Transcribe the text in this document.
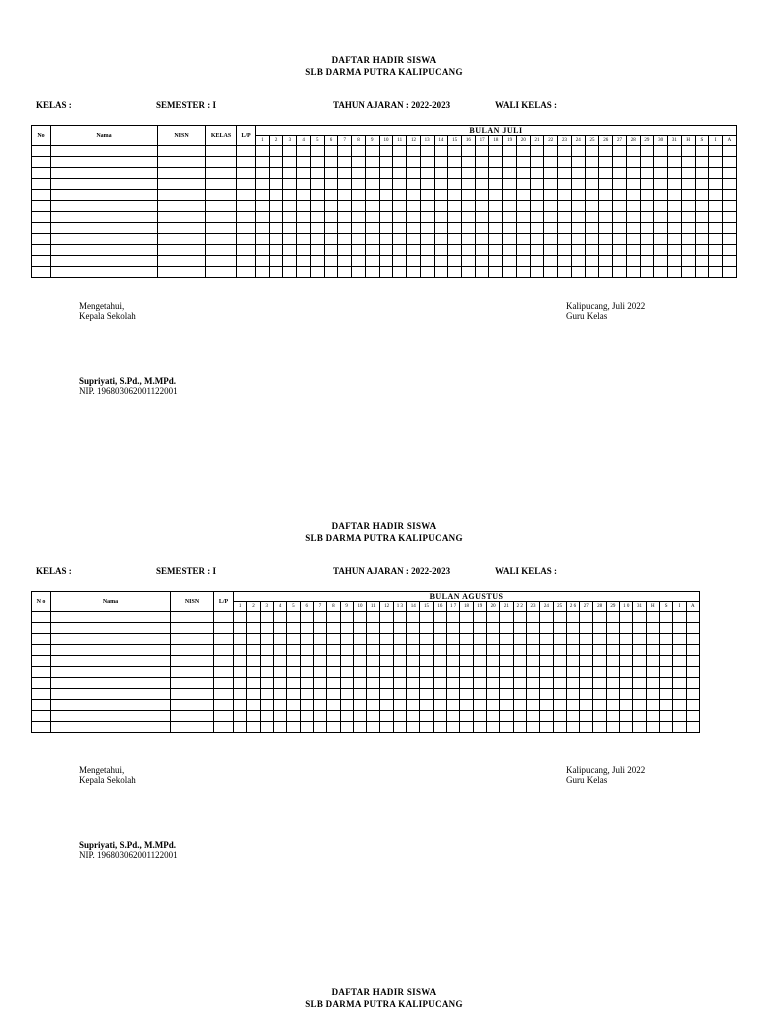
DAFTAR HADIR SISWA
SLB DARMA PUTRA KALIPUCANG
KELAS :	SEMESTER : I	TAHUN AJARAN : 2022-2023	WALI KELAS :
No	Nama	NISN	KELAS	L/P	BULAN JULI																																		
					1	2	3	4	5	6	7	8	9	10	11	12	13	14	15	16	17	18	19	20	21	22	23	24	25	26	27	28	29	30	31	H	S	I	A

Mengetahui,
Kepala Sekolah
Kalipucang, Juli 2022
Guru Kelas
Supriyati, S.Pd., M.MPd.
NIP. 196803062001122001
DAFTAR HADIR SISWA
SLB DARMA PUTRA KALIPUCANG
KELAS :	SEMESTER : I	TAHUN AJARAN : 2022-2023	WALI KELAS :
N o	Nama	NISN	L/P	BULAN AGUSTUS																																		
				1	2	3	4	5	6	7	8	9	10	11	12	1 3	14	15	16	1 7	18	19	20	21	2 2	23	24	25	2 6	27	28	29	1 0	31	H	S	I	A

Mengetahui,
Kepala Sekolah
Kalipucang, Juli 2022
Guru Kelas
Supriyati, S.Pd., M.MPd.
NIP. 196803062001122001
DAFTAR HADIR SISWA
SLB DARMA PUTRA KALIPUCANG
